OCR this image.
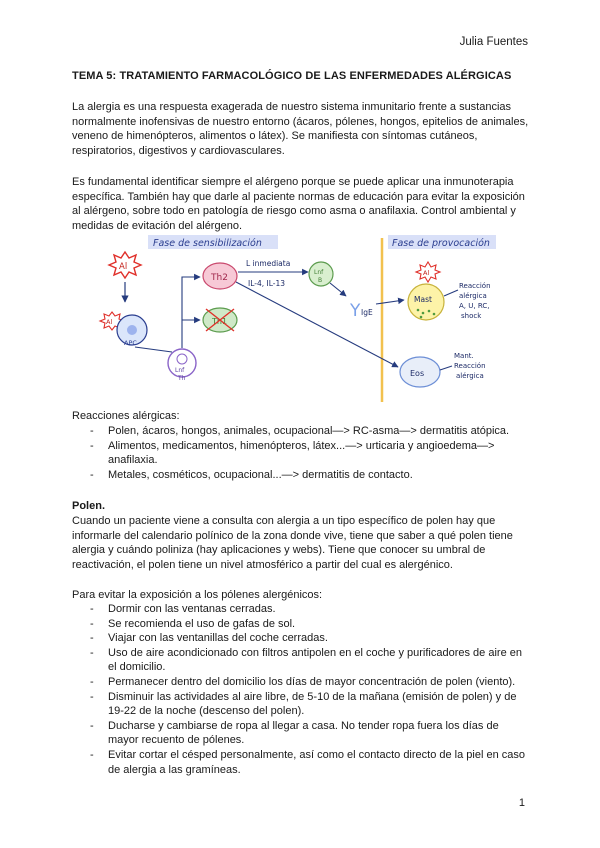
Julia Fuentes
TEMA 5: TRATAMIENTO FARMACOLÓGICO DE LAS ENFERMEDADES ALÉRGICAS

La alergia es una respuesta exagerada de nuestro sistema inmunitario frente a sustancias normalmente inofensivas de nuestro entorno (ácaros, pólenes, hongos, epitelios de animales, veneno de himenópteros, alimentos o látex). Se manifiesta con síntomas cutáneos, respiratorios, digestivos y cardiovasculares.

Es fundamental identificar siempre el alérgeno porque se puede aplicar una inmunoterapia específica. También hay que darle al paciente normas de educación para evitar la exposición al alérgeno, sobre todo en patología de riesgo como asma o anafilaxia. Control ambiental y medidas de evitación del alérgeno.

Fase de sensibilización	Fase de provocación
Al
Al
APC
Lnf
Th
Th2
Th1
L inmediata
IL-4, IL-13
Lnf
B
Y IgE
Al
Mast
Reacción
alérgica
A, U, RC,
shock
Eos
Mant.
Reacción
alérgica
Reacciones alérgicas:
- Polen, ácaros, hongos, animales, ocupacional—> RC-asma—> dermatitis atópica.
- Alimentos, medicamentos, himenópteros, látex...—> urticaria y angioedema—> anafilaxia.
- Metales, cosméticos, ocupacional...—> dermatitis de contacto.
Polen.

Cuando un paciente viene a consulta con alergia a un tipo específico de polen hay que informarle del calendario polínico de la zona donde vive, tiene que saber a qué polen tiene alergia y cuándo poliniza (hay aplicaciones y webs). Tiene que conocer su umbral de reactivación, el polen tiene un nivel atmosférico a partir del cual es alergénico.

Para evitar la exposición a los pólenes alergénicos:

- Dormir con las ventanas cerradas.
- Se recomienda el uso de gafas de sol.
- Viajar con las ventanillas del coche cerradas.
- Uso de aire acondicionado con filtros antipolen en el coche y purificadores de aire en el domicilio.
- Permanecer dentro del domicilio los días de mayor concentración de polen (viento).
- Disminuir las actividades al aire libre, de 5-10 de la mañana (emisión de polen) y de 19-22 de la noche (descenso del polen).
- Ducharse y cambiarse de ropa al llegar a casa. No tender ropa fuera los días de mayor recuento de pólenes.
- Evitar cortar el césped personalmente, así como el contacto directo de la piel en caso de alergia a las gramíneas.
1
